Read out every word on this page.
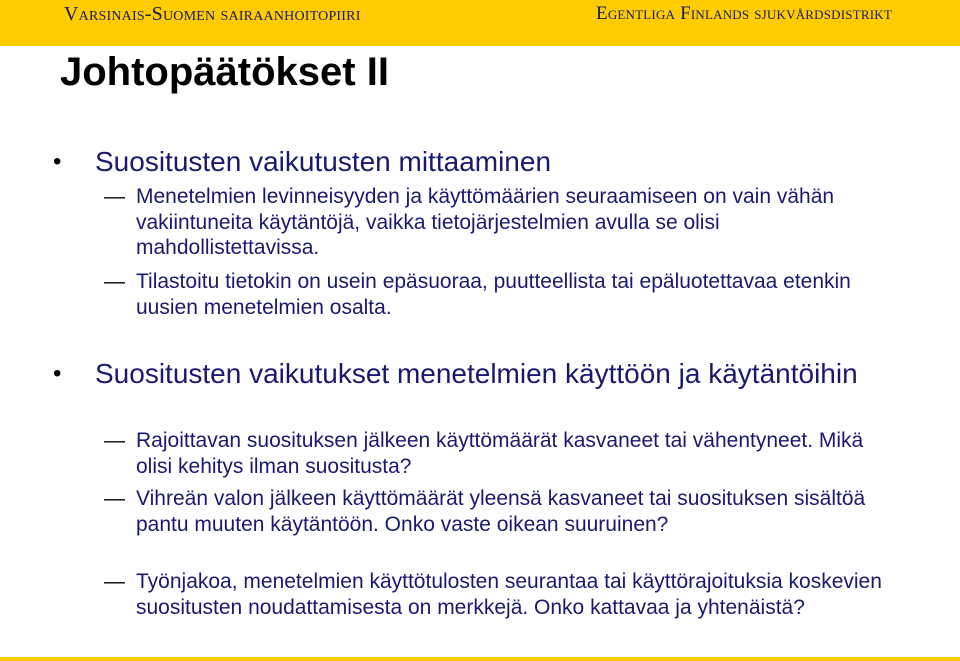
Varsinais-Suomen sairaanhoitopiiri	Egentliga Finlands sjukvårdsdistrikt
Johtopäätökset II
• Suositusten vaikutusten mittaaminen
— Menetelmien levinneisyyden ja käyttömäärien seuraamiseen on vain vähän vakiintuneita käytäntöjä, vaikka tietojärjestelmien avulla se olisi mahdollistettavissa.
— Tilastoitu tietokin on usein epäsuoraa, puutteellista tai epäluotettavaa etenkin uusien menetelmien osalta.
• Suositusten vaikutukset menetelmien käyttöön ja käytäntöihin
— Rajoittavan suosituksen jälkeen käyttömäärät kasvaneet tai vähentyneet. Mikä olisi kehitys ilman suositusta?
— Vihreän valon jälkeen käyttömäärät yleensä kasvaneet tai suosituksen sisältöä pantu muuten käytäntöön. Onko vaste oikean suuruinen?
— Työnjakoa, menetelmien käyttötulosten seurantaa tai käyttörajoituksia koskevien suositusten noudattamisesta on merkkejä. Onko kattavaa ja yhtenäistä?
